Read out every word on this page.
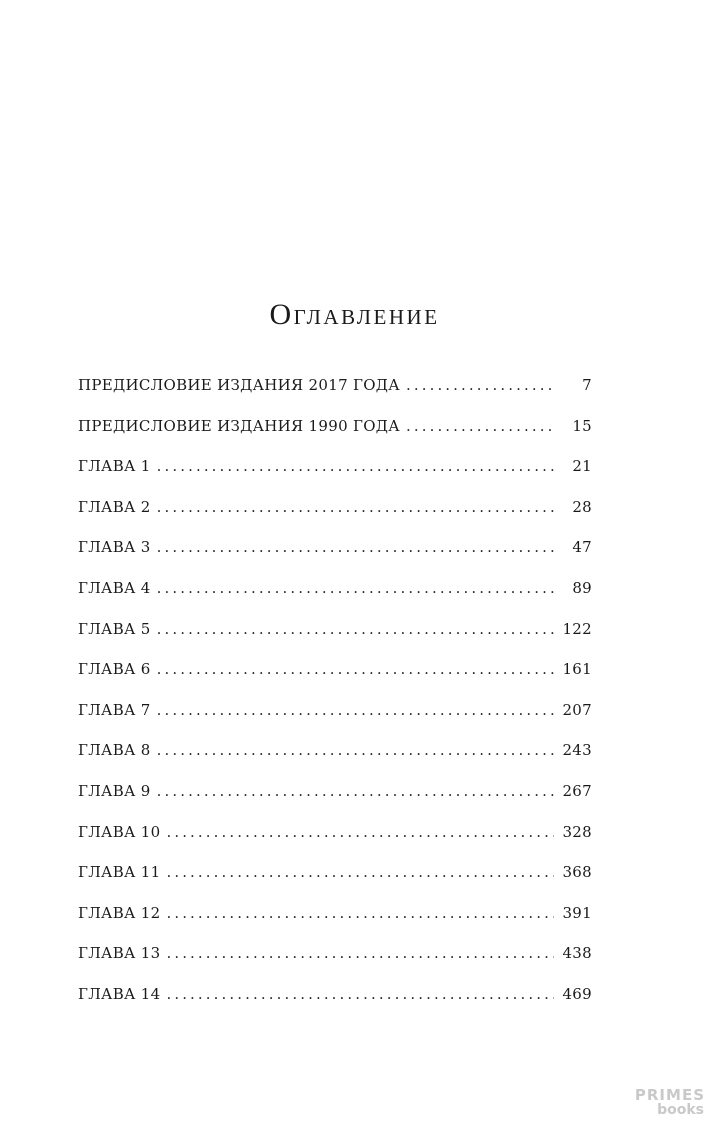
Оглавление
ПРЕДИСЛОВИЕ ИЗДАНИЯ 2017 ГОДА .....	7
ПРЕДИСЛОВИЕ ИЗДАНИЯ 1990 ГОДА .....	15
ГЛАВА 1 .....	21
ГЛАВА 2 .....	28
ГЛАВА 3 .....	47
ГЛАВА 4 .....	89
ГЛАВА 5 .....	122
ГЛАВА 6 .....	161
ГЛАВА 7 .....	207
ГЛАВА 8 .....	243
ГЛАВА 9 .....	267
ГЛАВА 10 .....	328
ГЛАВА 11 .....	368
ГЛАВА 12 .....	391
ГЛАВА 13 .....	438
ГЛАВА 14 .....	469
PRIMES
books
